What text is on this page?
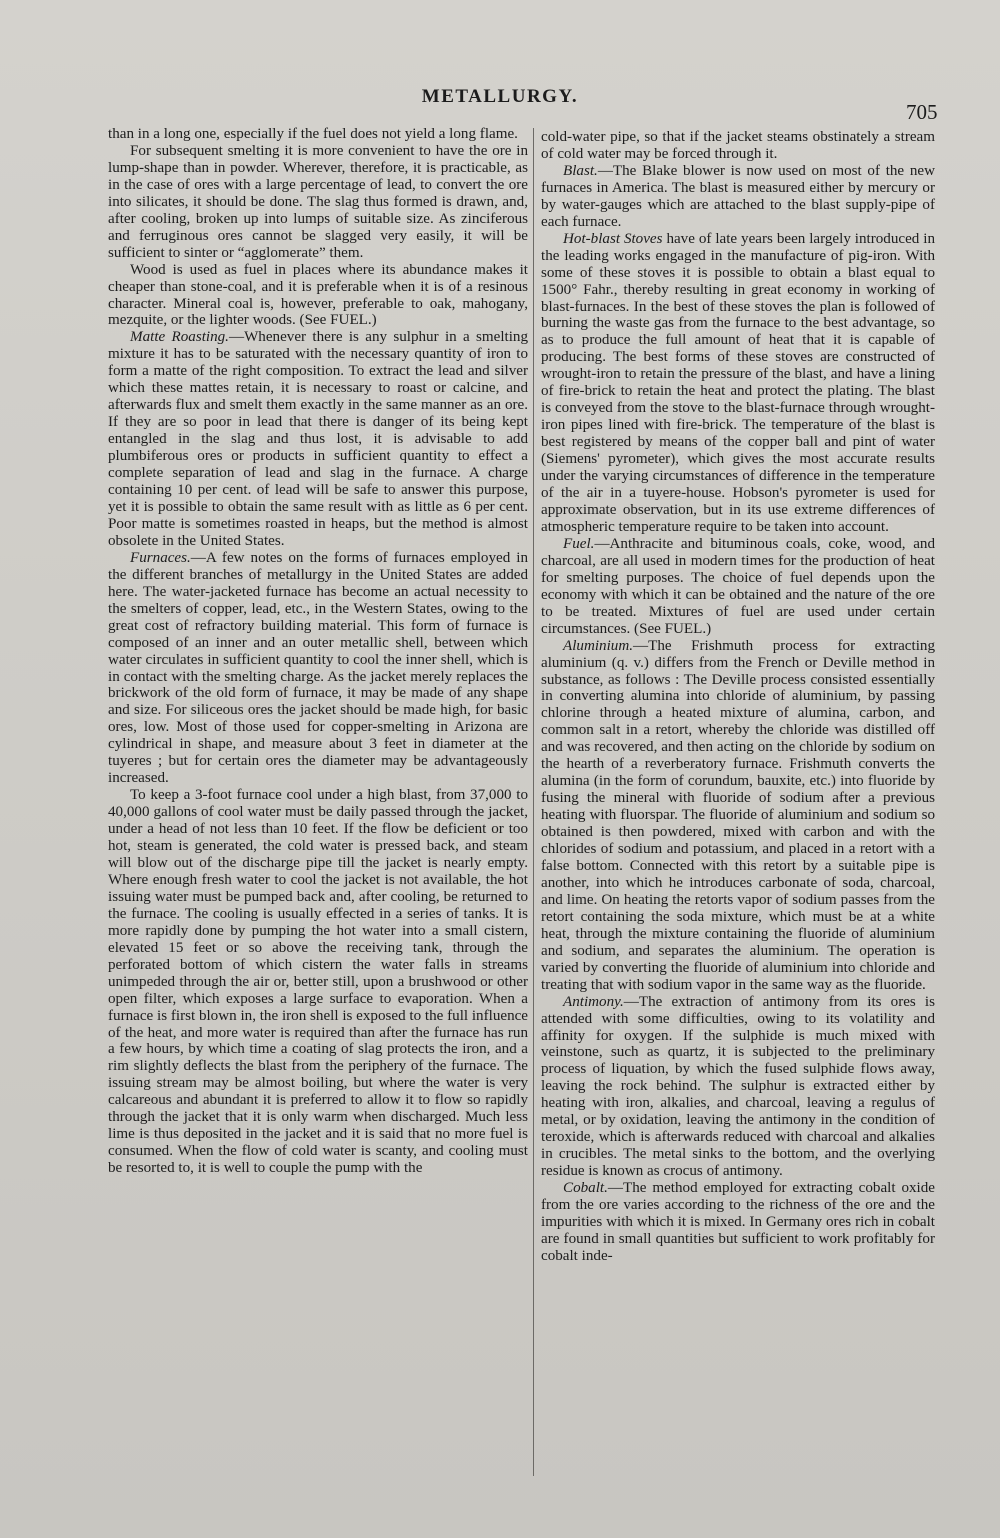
METALLURGY.
705

than in a long one, especially if the fuel does not yield a long flame.

For subsequent smelting it is more convenient to have the ore in lump-shape than in powder. Wherever, therefore, it is practicable, as in the case of ores with a large percentage of lead, to convert the ore into silicates, it should be done. The slag thus formed is drawn, and, after cooling, broken up into lumps of suitable size. As zinciferous and ferruginous ores cannot be slagged very easily, it will be sufficient to sinter or “agglomerate” them.

Wood is used as fuel in places where its abundance makes it cheaper than stone-coal, and it is preferable when it is of a resinous character. Mineral coal is, however, preferable to oak, mahogany, mezquite, or the lighter woods. (See FUEL.)

Matte Roasting.—Whenever there is any sulphur in a smelting mixture it has to be saturated with the necessary quantity of iron to form a matte of the right composition. To extract the lead and silver which these mattes retain, it is necessary to roast or calcine, and afterwards flux and smelt them exactly in the same manner as an ore. If they are so poor in lead that there is danger of its being kept entangled in the slag and thus lost, it is advisable to add plumbiferous ores or products in sufficient quantity to effect a complete separation of lead and slag in the furnace. A charge containing 10 per cent. of lead will be safe to answer this purpose, yet it is possible to obtain the same result with as little as 6 per cent. Poor matte is sometimes roasted in heaps, but the method is almost obsolete in the United States.

Furnaces.—A few notes on the forms of furnaces employed in the different branches of metallurgy in the United States are added here. The water-jacketed furnace has become an actual necessity to the smelters of copper, lead, etc., in the Western States, owing to the great cost of refractory building material. This form of furnace is composed of an inner and an outer metallic shell, between which water circulates in sufficient quantity to cool the inner shell, which is in contact with the smelting charge. As the jacket merely replaces the brickwork of the old form of furnace, it may be made of any shape and size. For siliceous ores the jacket should be made high, for basic ores, low. Most of those used for copper-smelting in Arizona are cylindrical in shape, and measure about 3 feet in diameter at the tuyeres ; but for certain ores the diameter may be advantageously increased.

To keep a 3-foot furnace cool under a high blast, from 37,000 to 40,000 gallons of cool water must be daily passed through the jacket, under a head of not less than 10 feet. If the flow be deficient or too hot, steam is generated, the cold water is pressed back, and steam will blow out of the discharge pipe till the jacket is nearly empty. Where enough fresh water to cool the jacket is not available, the hot issuing water must be pumped back and, after cooling, be returned to the furnace. The cooling is usually effected in a series of tanks. It is more rapidly done by pumping the hot water into a small cistern, elevated 15 feet or so above the receiving tank, through the perforated bottom of which cistern the water falls in streams unimpeded through the air or, better still, upon a brushwood or other open filter, which exposes a large surface to evaporation. When a furnace is first blown in, the iron shell is exposed to the full influence of the heat, and more water is required than after the furnace has run a few hours, by which time a coating of slag protects the iron, and a rim slightly deflects the blast from the periphery of the furnace. The issuing stream may be almost boiling, but where the water is very calcareous and abundant it is preferred to allow it to flow so rapidly through the jacket that it is only warm when discharged. Much less lime is thus deposited in the jacket and it is said that no more fuel is consumed. When the flow of cold water is scanty, and cooling must be resorted to, it is well to couple the pump with the

cold-water pipe, so that if the jacket steams obstinately a stream of cold water may be forced through it.

Blast.—The Blake blower is now used on most of the new furnaces in America. The blast is measured either by mercury or by water-gauges which are attached to the blast supply-pipe of each furnace.

Hot-blast Stoves have of late years been largely introduced in the leading works engaged in the manufacture of pig-iron. With some of these stoves it is possible to obtain a blast equal to 1500° Fahr., thereby resulting in great economy in working of blast-furnaces. In the best of these stoves the plan is followed of burning the waste gas from the furnace to the best advantage, so as to produce the full amount of heat that it is capable of producing. The best forms of these stoves are constructed of wrought-iron to retain the pressure of the blast, and have a lining of fire-brick to retain the heat and protect the plating. The blast is conveyed from the stove to the blast-furnace through wrought-iron pipes lined with fire-brick. The temperature of the blast is best registered by means of the copper ball and pint of water (Siemens' pyrometer), which gives the most accurate results under the varying circumstances of difference in the temperature of the air in a tuyere-house. Hobson's pyrometer is used for approximate observation, but in its use extreme differences of atmospheric temperature require to be taken into account.

Fuel.—Anthracite and bituminous coals, coke, wood, and charcoal, are all used in modern times for the production of heat for smelting purposes. The choice of fuel depends upon the economy with which it can be obtained and the nature of the ore to be treated. Mixtures of fuel are used under certain circumstances. (See FUEL.)

Aluminium.—The Frishmuth process for extracting aluminium (q. v.) differs from the French or Deville method in substance, as follows : The Deville process consisted essentially in converting alumina into chloride of aluminium, by passing chlorine through a heated mixture of alumina, carbon, and common salt in a retort, whereby the chloride was distilled off and was recovered, and then acting on the chloride by sodium on the hearth of a reverberatory furnace. Frishmuth converts the alumina (in the form of corundum, bauxite, etc.) into fluoride by fusing the mineral with fluoride of sodium after a previous heating with fluorspar. The fluoride of aluminium and sodium so obtained is then powdered, mixed with carbon and with the chlorides of sodium and potassium, and placed in a retort with a false bottom. Connected with this retort by a suitable pipe is another, into which he introduces carbonate of soda, charcoal, and lime. On heating the retorts vapor of sodium passes from the retort containing the soda mixture, which must be at a white heat, through the mixture containing the fluoride of aluminium and sodium, and separates the aluminium. The operation is varied by converting the fluoride of aluminium into chloride and treating that with sodium vapor in the same way as the fluoride.

Antimony.—The extraction of antimony from its ores is attended with some difficulties, owing to its volatility and affinity for oxygen. If the sulphide is much mixed with veinstone, such as quartz, it is subjected to the preliminary process of liquation, by which the fused sulphide flows away, leaving the rock behind. The sulphur is extracted either by heating with iron, alkalies, and charcoal, leaving a regulus of metal, or by oxidation, leaving the antimony in the condition of teroxide, which is afterwards reduced with charcoal and alkalies in crucibles. The metal sinks to the bottom, and the overlying residue is known as crocus of antimony.

Cobalt.—The method employed for extracting cobalt oxide from the ore varies according to the richness of the ore and the impurities with which it is mixed. In Germany ores rich in cobalt are found in small quantities but sufficient to work profitably for cobalt inde-
